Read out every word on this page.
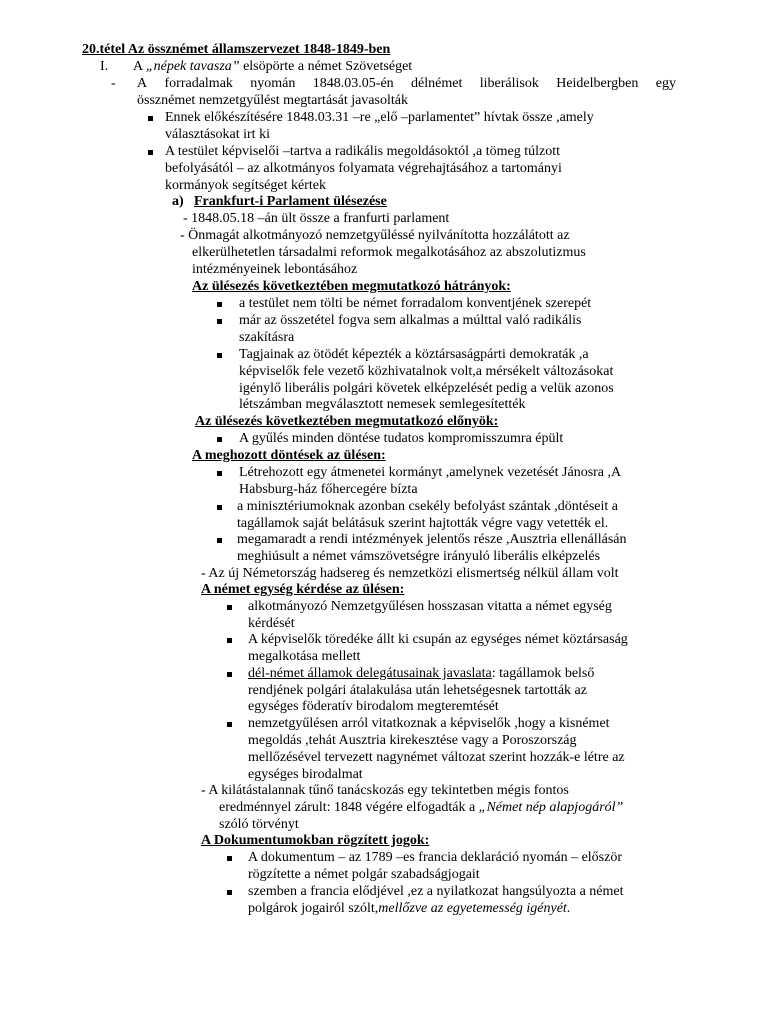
20.tétel Az össznémet államszervezet 1848-1849-ben
I. A „népek tavasza” elsöpörte a német Szövetséget
- A forradalmak nyomán 1848.03.05-én délnémet liberálisok Heidelbergben egy
össznémet nemzetgyűlést megtartását javasolták
Ennek előkészítésére 1848.03.31 –re „elő –parlamentet” hívtak össze ,amely
választásokat irt ki
A testület képviselői –tartva a radikális megoldásoktól ,a tömeg túlzott
befolyásától – az alkotmányos folyamata végrehajtásához a tartományi
kormányok segítséget kértek
a) Frankfurt-i Parlament ülésezése
- 1848.05.18 –án ült össze a franfurti parlament
- Önmagát alkotmányozó nemzetgyűléssé nyilvánította hozzálátott az
elkerülhetetlen társadalmi reformok megalkotásához az abszolutizmus
intézményeinek lebontásához
Az ülésezés következtében megmutatkozó hátrányok:
a testület nem tölti be német forradalom konventjének szerepét
már az összetétel fogva sem alkalmas a múlttal való radikális
szakításra
Tagjainak az ötödét képezték a köztársaságpárti demokraták ,a
képviselők fele vezető közhivatalnok volt,a mérsékelt változásokat
igénylő liberális polgári követek elképzelését pedig a velük azonos
létszámban megválasztott nemesek semlegesítették
Az ülésezés következtében megmutatkozó előnyök:
A gyűlés minden döntése tudatos kompromisszumra épült
A meghozott döntések az ülésen:
Létrehozott egy átmenetei kormányt ,amelynek vezetését Jánosra ,A
Habsburg-ház főhercegére bízta
a minisztériumoknak azonban csekély befolyást szántak ,döntéseit a
tagállamok saját belátásuk szerint hajtották végre vagy vetették el.
megamaradt a rendi intézmények jelentős része ,Ausztria ellenállásán
meghiúsult a német vámszövetségre irányuló liberális elképzelés
- Az új Németország hadsereg és nemzetközi elismertség nélkül állam volt
A német egység kérdése az ülésen:
alkotmányozó Nemzetgyűlésen hosszasan vitatta a német egység
kérdését
A képviselők töredéke állt ki csupán az egységes német köztársaság
megalkotása mellett
dél-német államok delegátusainak javaslata: tagállamok belső
rendjének polgári átalakulása után lehetségesnek tartották az
egységes föderatív birodalom megteremtését
nemzetgyűlésen arról vitatkoznak a képviselők ,hogy a kisnémet
megoldás ,tehát Ausztria kirekesztése vagy a Poroszország
mellőzésével tervezett nagynémet változat szerint hozzák-e létre az
egységes birodalmat
- A kilátástalannak tűnő tanácskozás egy tekintetben mégis fontos
eredménnyel zárult: 1848 végére elfogadták a „Német nép alapjogáról”
szóló törvényt
A Dokumentumokban rögzített jogok:
A dokumentum – az 1789 –es francia deklaráció nyomán – először
rögzítette a német polgár szabadságjogait
szemben a francia elődjével ,ez a nyilatkozat hangsúlyozta a német
polgárok jogairól szólt,mellőzve az egyetemesség igényét.
